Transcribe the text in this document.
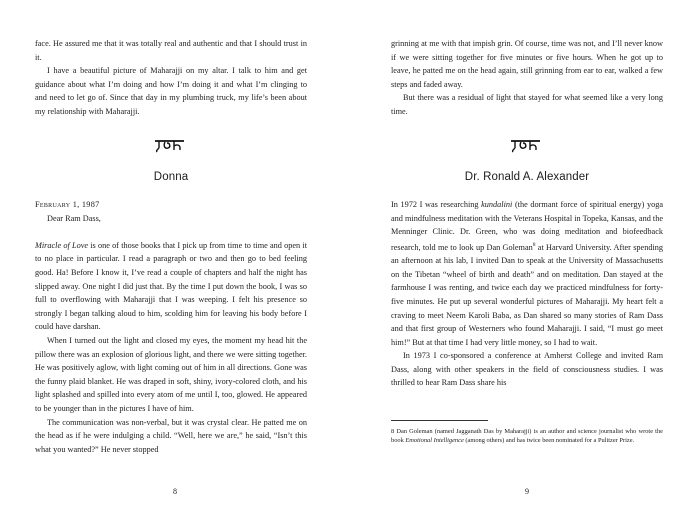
face. He assured me that it was totally real and authentic and that I should trust in it.

I have a beautiful picture of Maharajji on my altar. I talk to him and get guidance about what I’m doing and how I’m doing it and what I’m clinging to and need to let go of. Since that day in my plumbing truck, my life’s been about my relationship with Maharajji.

Donna

February 1, 1987

Dear Ram Dass,

Miracle of Love is one of those books that I pick up from time to time and open it to no place in particular. I read a paragraph or two and then go to bed feeling good. Ha! Before I know it, I’ve read a couple of chapters and half the night has slipped away. One night I did just that. By the time I put down the book, I was so full to overflowing with Maharajji that I was weeping. I felt his presence so strongly I began talking aloud to him, scolding him for leaving his body before I could have darshan.

When I turned out the light and closed my eyes, the moment my head hit the pillow there was an explosion of glorious light, and there we were sitting together. He was positively aglow, with light coming out of him in all directions. Gone was the funny plaid blanket. He was draped in soft, shiny, ivory-colored cloth, and his light splashed and spilled into every atom of me until I, too, glowed. He appeared to be younger than in the pictures I have of him.

The communication was non-verbal, but it was crystal clear. He patted me on the head as if he were indulging a child. “Well, here we are,” he said, “Isn’t this what you wanted?” He never stopped

8

grinning at me with that impish grin. Of course, time was not, and I’ll never know if we were sitting together for five minutes or five hours. When he got up to leave, he patted me on the head again, still grinning from ear to ear, walked a few steps and faded away.

But there was a residual of light that stayed for what seemed like a very long time.

Dr. Ronald A. Alexander

In 1972 I was researching kundalini (the dormant force of spiritual energy) yoga and mindfulness meditation with the Veterans Hospital in Topeka, Kansas, and the Menninger Clinic. Dr. Green, who was doing meditation and biofeedback research, told me to look up Dan Goleman$^8$ at Harvard University. After spending an afternoon at his lab, I invited Dan to speak at the University of Massachusetts on the Tibetan “wheel of birth and death” and on meditation. Dan stayed at the farmhouse I was renting, and twice each day we practiced mindfulness for forty-five minutes. He put up several wonderful pictures of Maharajji. My heart felt a craving to meet Neem Karoli Baba, as Dan shared so many stories of Ram Dass and that first group of Westerners who found Maharajji. I said, “I must go meet him!” But at that time I had very little money, so I had to wait.

In 1973 I co-sponsored a conference at Amherst College and invited Ram Dass, along with other speakers in the field of consciousness studies. I was thrilled to hear Ram Dass share his

8 Dan Goleman (named Jagganath Das by Maharajji) is an author and science journalist who wrote the book Emotional Intelligence (among others) and has twice been nominated for a Pulitzer Prize.
9
